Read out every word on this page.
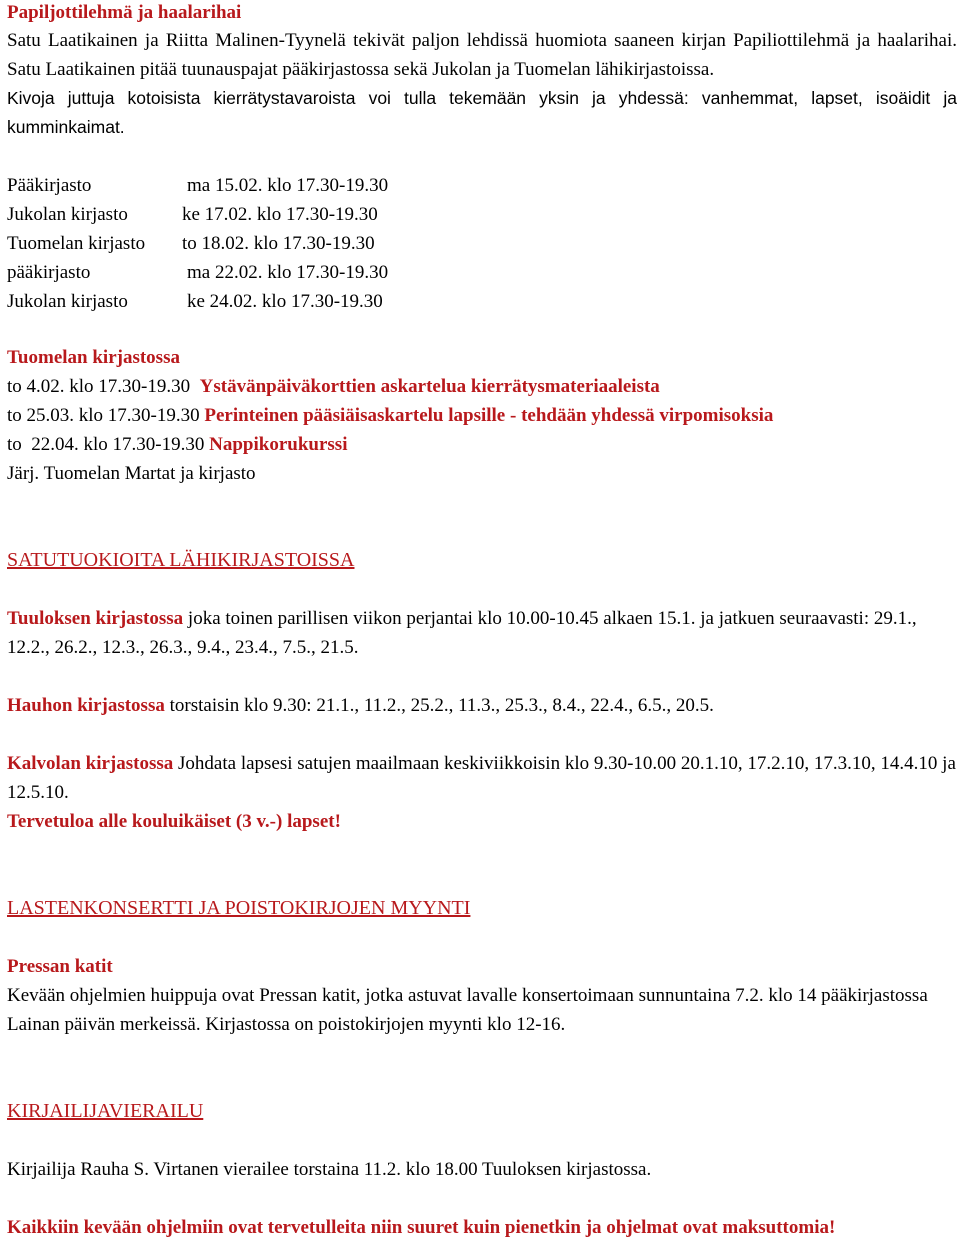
Papiljottilehmä ja haalarihai

Satu Laatikainen ja Riitta Malinen-Tyynelä tekivät paljon lehdissä huomiota saaneen kirjan Papiliottilehmä ja haalarihai. Satu Laatikainen pitää tuunauspajat pääkirjastossa sekä Jukolan ja Tuomelan lähikirjastoissa.

Kivoja juttuja kotoisista kierrätystavaroista voi tulla tekemään yksin ja yhdessä: vanhemmat, lapset, isoäidit ja kumminkaimat.

Pääkirjasto	ma 15.02. klo 17.30-19.30
Jukolan kirjasto	ke 17.02. klo 17.30-19.30
Tuomelan kirjasto	to 18.02. klo 17.30-19.30
pääkirjasto	ma 22.02. klo 17.30-19.30
Jukolan kirjasto	ke 24.02. klo 17.30-19.30

Tuomelan kirjastossa

to 4.02. klo 17.30-19.30  Ystävänpäiväkorttien askartelua kierrätysmateriaaleista

to 25.03. klo 17.30-19.30 Perinteinen pääsiäisaskartelu lapsille - tehdään yhdessä virpomisoksia

to  22.04. klo 17.30-19.30 Nappikorukurssi

Järj. Tuomelan Martat ja kirjasto

SATUTUOKIOITA LÄHIKIRJASTOISSA

Tuuloksen kirjastossa joka toinen parillisen viikon perjantai klo 10.00-10.45 alkaen 15.1. ja jatkuen seuraavasti: 29.1., 12.2., 26.2., 12.3., 26.3., 9.4., 23.4., 7.5., 21.5.

Hauhon kirjastossa torstaisin klo 9.30: 21.1., 11.2., 25.2., 11.3., 25.3., 8.4., 22.4., 6.5., 20.5.

Kalvolan kirjastossa Johdata lapsesi satujen maailmaan keskiviikkoisin klo 9.30-10.00 20.1.10, 17.2.10, 17.3.10, 14.4.10 ja 12.5.10.

Tervetuloa alle kouluikäiset (3 v.-) lapset!

LASTENKONSERTTI JA POISTOKIRJOJEN MYYNTI

Pressan katit

Kevään ohjelmien huippuja ovat Pressan katit, jotka astuvat lavalle konsertoimaan sunnuntaina 7.2. klo 14 pääkirjastossa Lainan päivän merkeissä. Kirjastossa on poistokirjojen myynti klo 12-16.

KIRJAILIJAVIERAILU

Kirjailija Rauha S. Virtanen vierailee torstaina 11.2. klo 18.00 Tuuloksen kirjastossa.

Kaikkiin kevään ohjelmiin ovat tervetulleita niin suuret kuin pienetkin ja ohjelmat ovat maksuttomia!
